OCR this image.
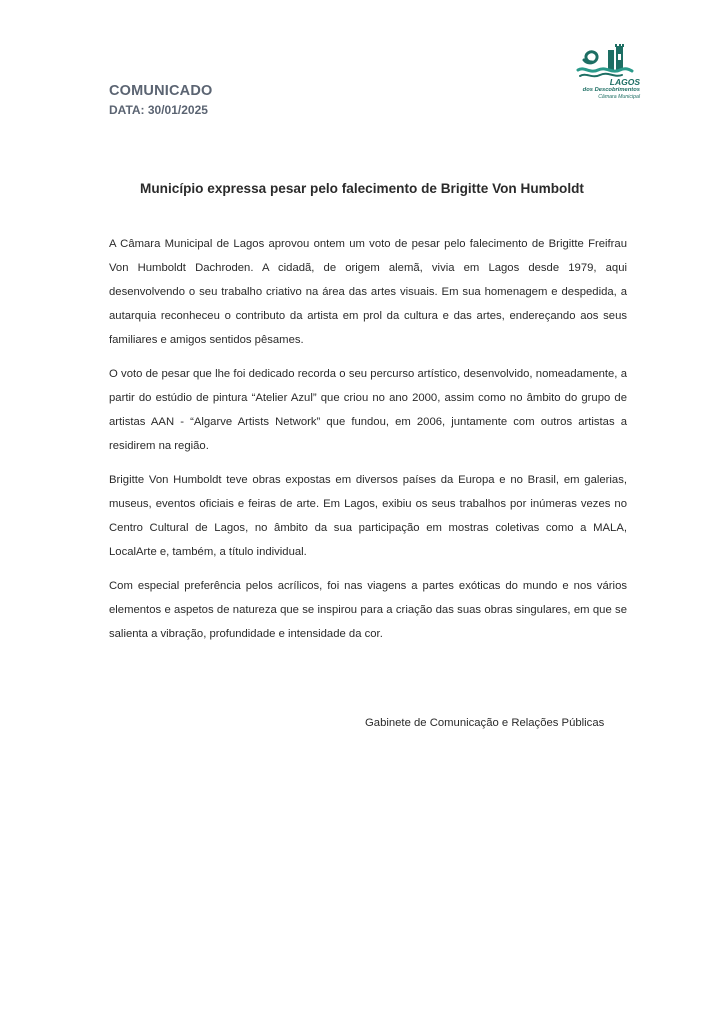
COMUNICADO
DATA: 30/01/2025
LAGOS
dos Descobrimentos
Câmara Municipal
Município expressa pesar pelo falecimento de Brigitte Von Humboldt

A Câmara Municipal de Lagos aprovou ontem um voto de pesar pelo falecimento de Brigitte Freifrau Von Humboldt Dachroden. A cidadã, de origem alemã, vivia em Lagos desde 1979, aqui desenvolvendo o seu trabalho criativo na área das artes visuais. Em sua homenagem e despedida, a autarquia reconheceu o contributo da artista em prol da cultura e das artes, endereçando aos seus familiares e amigos sentidos pêsames.

O voto de pesar que lhe foi dedicado recorda o seu percurso artístico, desenvolvido, nomeadamente, a partir do estúdio de pintura “Atelier Azul” que criou no ano 2000, assim como no âmbito do grupo de artistas AAN - “Algarve Artists Network” que fundou, em 2006, juntamente com outros artistas a residirem na região.

Brigitte Von Humboldt teve obras expostas em diversos países da Europa e no Brasil, em galerias, museus, eventos oficiais e feiras de arte. Em Lagos, exibiu os seus trabalhos por inúmeras vezes no Centro Cultural de Lagos, no âmbito da sua participação em mostras coletivas como a MALA, LocalArte e, também, a título individual.

Com especial preferência pelos acrílicos, foi nas viagens a partes exóticas do mundo e nos vários elementos e aspetos de natureza que se inspirou para a criação das suas obras singulares, em que se salienta a vibração, profundidade e intensidade da cor.

Gabinete de Comunicação e Relações Públicas
